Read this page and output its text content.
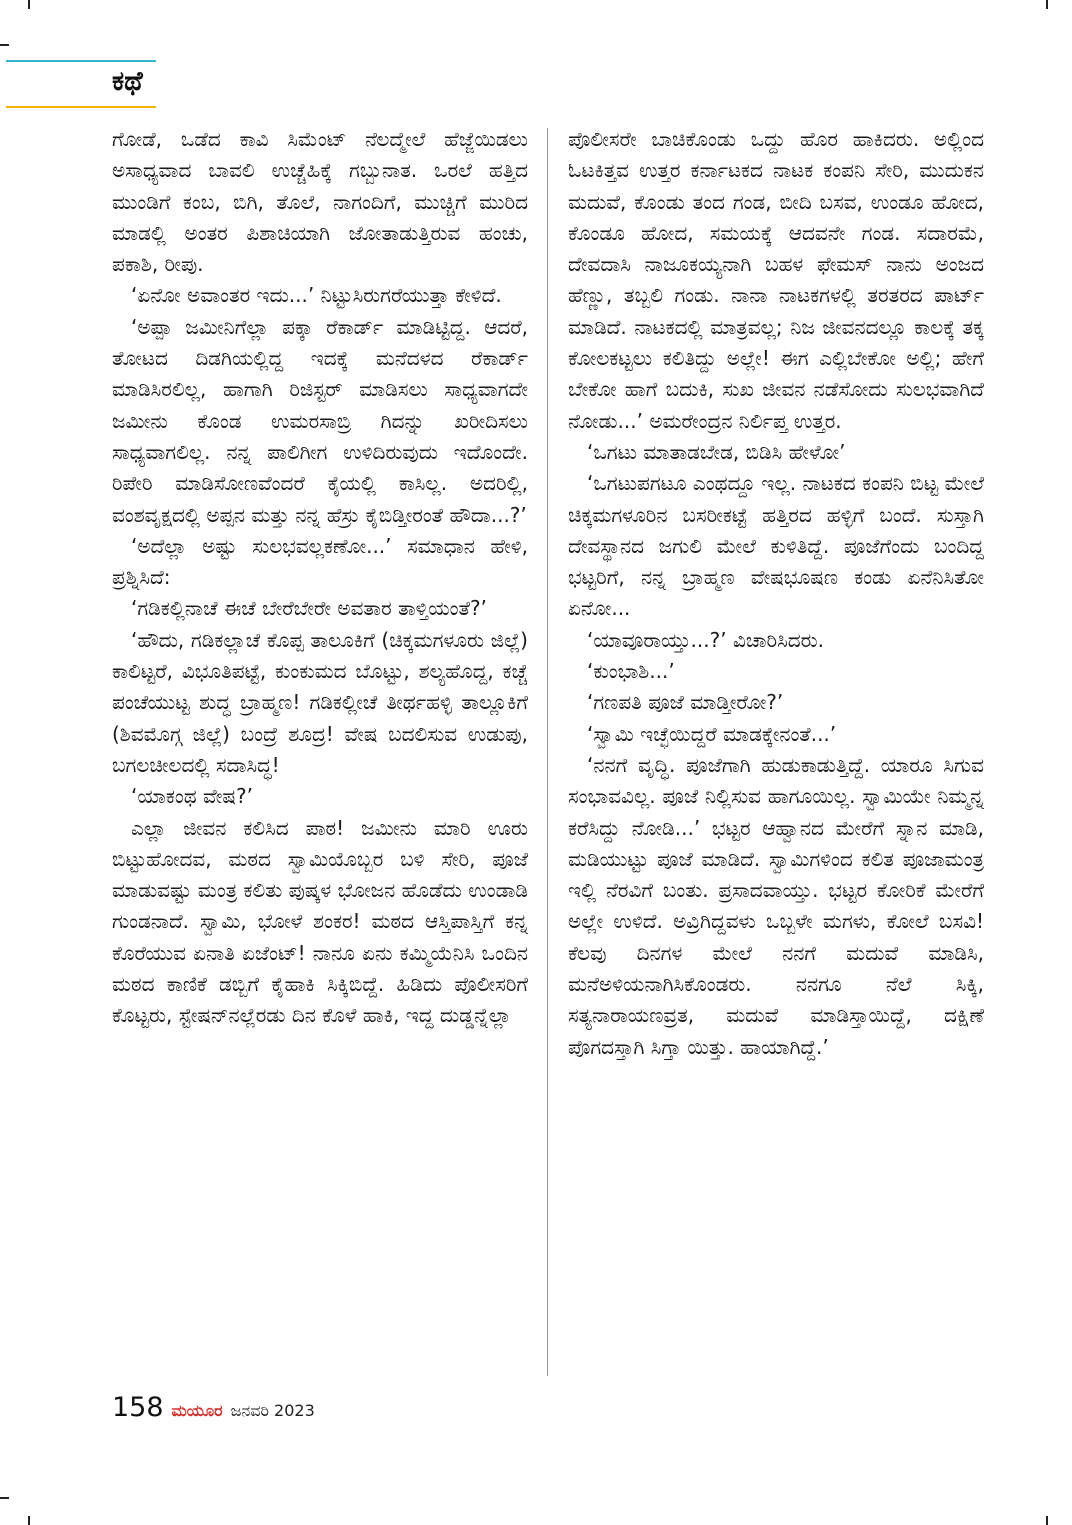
ಕಥೆ

ಗೋಡೆ, ಒಡೆದ ಕಾವಿ ಸಿಮೆಂಟ್ ನೆಲದ್ಮೇಲೆ ಹೆಜ್ಜೆಯಿಡಲು ಅಸಾಧ್ಯವಾದ ಬಾವಲಿ ಉಚ್ಚೆಹಿಕ್ಕೆ ಗಬ್ಬುನಾತ. ಒರಲೆ ಹತ್ತಿದ ಮುಂಡಿಗೆ ಕಂಬ, ಬಿಗಿ, ತೊಲೆ, ನಾಗಂದಿಗೆ, ಮುಚ್ಚಿಗೆ ಮುರಿದ ಮಾಡಲ್ಲಿ ಅಂತರ ಪಿಶಾಚಿಯಾಗಿ ಜೋತಾಡುತ್ತಿರುವ ಹಂಚು, ಪಕಾಶಿ, ರೀಪು.

‘ಏನೋ ಅವಾಂತರ ಇದು...’ ನಿಟ್ಟುಸಿರುಗರೆಯುತ್ತಾ ಕೇಳಿದೆ.

‘ಅಪ್ಪಾ ಜಮೀನಿಗೆಲ್ಲಾ ಪಕ್ಕಾ ರೆಕಾರ್ಡ್ ಮಾಡಿಟ್ಟಿದ್ದ. ಆದರೆ, ತೋಟದ ದಿಡಗಿಯಲ್ಲಿದ್ದ ಇದಕ್ಕೆ ಮನೆದಳದ ರೆಕಾರ್ಡ್ ಮಾಡಿಸಿರಲಿಲ್ಲ, ಹಾಗಾಗಿ ರಿಜಿಸ್ಟರ್ ಮಾಡಿಸಲು ಸಾಧ್ಯವಾಗದೇ ಜಮೀನು ಕೊಂಡ ಉಮರಸಾಬ್ರಿ ಗಿದನ್ನು ಖರೀದಿಸಲು ಸಾಧ್ಯವಾಗಲಿಲ್ಲ. ನನ್ನ ಪಾಲಿಗೀಗ ಉಳಿದಿರುವುದು ಇದೊಂದೇ. ರಿಪೇರಿ ಮಾಡಿಸೋಣವೆಂದರೆ ಕೈಯಲ್ಲಿ ಕಾಸಿಲ್ಲ. ಅದರಿಲ್ಲಿ, ವಂಶವೃಕ್ಷದಲ್ಲಿ ಅಪ್ಪನ ಮತ್ತು ನನ್ನ ಹೆಸ್ರು ಕೈಬಿಡ್ತೀರಂತೆ ಹೌದಾ...?’

‘ಅದೆಲ್ಲಾ ಅಷ್ಟು ಸುಲಭವಲ್ಲಕಣೋ...’ ಸಮಾಧಾನ ಹೇಳಿ, ಪ್ರಶ್ನಿಸಿದೆ:

‘ಗಡಿಕಲ್ಲಿನಾಚೆ ಈಚೆ ಬೇರೆಬೇರೇ ಅವತಾರ ತಾಳ್ತಿಯಂತೆ?’

‘ಹೌದು, ಗಡಿಕಲ್ಲಾಚೆ ಕೊಪ್ಪ ತಾಲೂಕಿಗೆ (ಚಿಕ್ಕಮಗಳೂರು ಜಿಲ್ಲೆ) ಕಾಲಿಟ್ಟರೆ, ವಿಭೂತಿಪಟ್ಟೆ, ಕುಂಕುಮದ ಬೊಟ್ಟು, ಶಲ್ಯಹೊದ್ದ, ಕಚ್ಚೆ ಪಂಚೆಯುಟ್ಟ ಶುದ್ಧ ಬ್ರಾಹ್ಮಣ! ಗಡಿಕಲ್ಲೀಚೆ ತೀರ್ಥಹಳ್ಳಿ ತಾಲ್ಲೂಕಿಗೆ (ಶಿವಮೊಗ್ಗ ಜಿಲ್ಲೆ) ಬಂದ್ರೆ ಶೂದ್ರ! ವೇಷ ಬದಲಿಸುವ ಉಡುಪು, ಬಗಲಚೀಲದಲ್ಲಿ ಸದಾಸಿದ್ಧ!

‘ಯಾಕಂಥ ವೇಷ?’

ಎಲ್ಲಾ ಜೀವನ ಕಲಿಸಿದ ಪಾಠ! ಜಮೀನು ಮಾರಿ ಊರು ಬಿಟ್ಟುಹೋದವ, ಮಠದ ಸ್ವಾಮಿಯೊಬ್ಬರ ಬಳಿ ಸೇರಿ, ಪೂಜೆ ಮಾಡುವಷ್ಟು ಮಂತ್ರ ಕಲಿತು ಪುಷ್ಕಳ ಭೋಜನ ಹೊಡೆದು ಉಂಡಾಡಿ ಗುಂಡನಾದೆ. ಸ್ವಾಮಿ, ಭೋಳೆ ಶಂಕರ! ಮಠದ ಆಸ್ತಿಪಾಸ್ತಿಗೆ ಕನ್ನ ಕೊರೆಯುವ ಏನಾತಿ ಏಜೆಂಟ್! ನಾನೂ ಏನು ಕಮ್ಮಿಯೆನಿಸಿ ಒಂದಿನ ಮಠದ ಕಾಣಿಕೆ ಡಬ್ಬಿಗೆ ಕೈಹಾಕಿ ಸಿಕ್ಕಿಬಿದ್ದೆ. ಹಿಡಿದು ಪೊಲೀಸರಿಗೆ ಕೊಟ್ಟರು, ಸ್ಟೇಷನ್‌ನಲ್ಲೆರಡು ದಿನ ಕೊಳೆ ಹಾಕಿ, ಇದ್ದ ದುಡ್ಡನ್ನೆಲ್ಲಾ

ಪೊಲೀಸರೇ ಬಾಚಿಕೊಂಡು ಒದ್ದು ಹೊರ ಹಾಕಿದರು. ಅಲ್ಲಿಂದ ಓಟಕಿತ್ತವ ಉತ್ತರ ಕರ್ನಾಟಕದ ನಾಟಕ ಕಂಪನಿ ಸೇರಿ, ಮುದುಕನ ಮದುವೆ, ಕೊಂಡು ತಂದ ಗಂಡ, ಬೀದಿ ಬಸವ, ಉಂಡೂ ಹೋದ, ಕೊಂಡೂ ಹೋದ, ಸಮಯಕ್ಕೆ ಆದವನೇ ಗಂಡ. ಸದಾರಮೆ, ದೇವದಾಸಿ ನಾಜೂಕಯ್ಯನಾಗಿ ಬಹಳ ಫೇಮಸ್ ನಾನು ಅಂಜದ ಹೆಣ್ಣು, ತಬ್ಬಲಿ ಗಂಡು. ನಾನಾ ನಾಟಕಗಳಲ್ಲಿ ತರತರದ ಪಾರ್ಟ್ ಮಾಡಿದೆ. ನಾಟಕದಲ್ಲಿ ಮಾತ್ರವಲ್ಲ; ನಿಜ ಜೀವನದಲ್ಲೂ ಕಾಲಕ್ಕೆ ತಕ್ಕ ಕೋಲಕಟ್ಟಲು ಕಲಿತಿದ್ದು ಅಲ್ಲೇ! ಈಗ ಎಲ್ಲಿಬೇಕೋ ಅಲ್ಲಿ; ಹೇಗೆ ಬೇಕೋ ಹಾಗೆ ಬದುಕಿ, ಸುಖ ಜೀವನ ನಡೆಸೋದು ಸುಲಭವಾಗಿದೆ ನೋಡು...’ ಅಮರೇಂದ್ರನ ನಿರ್ಲಿಪ್ತ ಉತ್ತರ.

‘ಒಗಟು ಮಾತಾಡಬೇಡ, ಬಿಡಿಸಿ ಹೇಳೋ’

‘ಒಗಟುಪಗಟೂ ಎಂಥದ್ದೂ ಇಲ್ಲ. ನಾಟಕದ ಕಂಪನಿ ಬಿಟ್ಟ ಮೇಲೆ ಚಿಕ್ಕಮಗಳೂರಿನ ಬಸರೀಕಟ್ಟೆ ಹತ್ತಿರದ ಹಳ್ಳಿಗೆ ಬಂದೆ. ಸುಸ್ತಾಗಿ ದೇವಸ್ಥಾನದ ಜಗುಲಿ ಮೇಲೆ ಕುಳಿತಿದ್ದೆ. ಪೂಜೆಗೆಂದು ಬಂದಿದ್ದ ಭಟ್ಟರಿಗೆ, ನನ್ನ ಬ್ರಾಹ್ಮಣ ವೇಷಭೂಷಣ ಕಂಡು ಏನೆನಿಸಿತೋ ಏನೋ...

‘ಯಾವೂರಾಯ್ತು...?’ ವಿಚಾರಿಸಿದರು.

‘ಕುಂಭಾಶಿ...’

‘ಗಣಪತಿ ಪೂಜೆ ಮಾಡ್ತೀರೋ?’

‘ಸ್ವಾಮಿ ಇಚ್ಛೆಯಿದ್ದರೆ ಮಾಡಕ್ಕೇನಂತೆ...’

‘ನನಗೆ ವೃದ್ಧಿ. ಪೂಜೆಗಾಗಿ ಹುಡುಕಾಡುತ್ತಿದ್ದೆ. ಯಾರೂ ಸಿಗುವ ಸಂಭಾವವಿಲ್ಲ. ಪೂಜೆ ನಿಲ್ಲಿಸುವ ಹಾಗೂಯಿಲ್ಲ. ಸ್ವಾಮಿಯೇ ನಿಮ್ಮನ್ನ ಕರೆಸಿದ್ದು ನೋಡಿ...’ ಭಟ್ಟರ ಆಹ್ವಾನದ ಮೇರೆಗೆ ಸ್ನಾನ ಮಾಡಿ, ಮಡಿಯುಟ್ಟು ಪೂಜೆ ಮಾಡಿದೆ. ಸ್ವಾಮಿಗಳಿಂದ ಕಲಿತ ಪೂಜಾಮಂತ್ರ ಇಲ್ಲಿ ನೆರವಿಗೆ ಬಂತು. ಪ್ರಸಾದವಾಯ್ತು. ಭಟ್ಟರ ಕೋರಿಕೆ ಮೇರೆಗೆ ಅಲ್ಲೇ ಉಳಿದೆ. ಅವ್ರಿಗಿದ್ದವಳು ಒಬ್ಬಳೇ ಮಗಳು, ಕೋಲೆ ಬಸವಿ! ಕೆಲವು ದಿನಗಳ ಮೇಲೆ ನನಗೆ ಮದುವೆ ಮಾಡಿಸಿ, ಮನೆಅಳಿಯನಾಗಿಸಿಕೊಂಡರು. ನನಗೂ ನೆಲೆ ಸಿಕ್ಕಿ, ಸತ್ಯನಾರಾಯಣವ್ರತ, ಮದುವೆ ಮಾಡಿಸ್ತಾಯಿದ್ದೆ, ದಕ್ಷಿಣೆ ಪೊಗದಸ್ತಾಗಿ ಸಿಗ್ತಾ ಯಿತ್ತು. ಹಾಯಾಗಿದ್ದೆ.’

158 ಮಯೂರ ಜನವರಿ 2023
